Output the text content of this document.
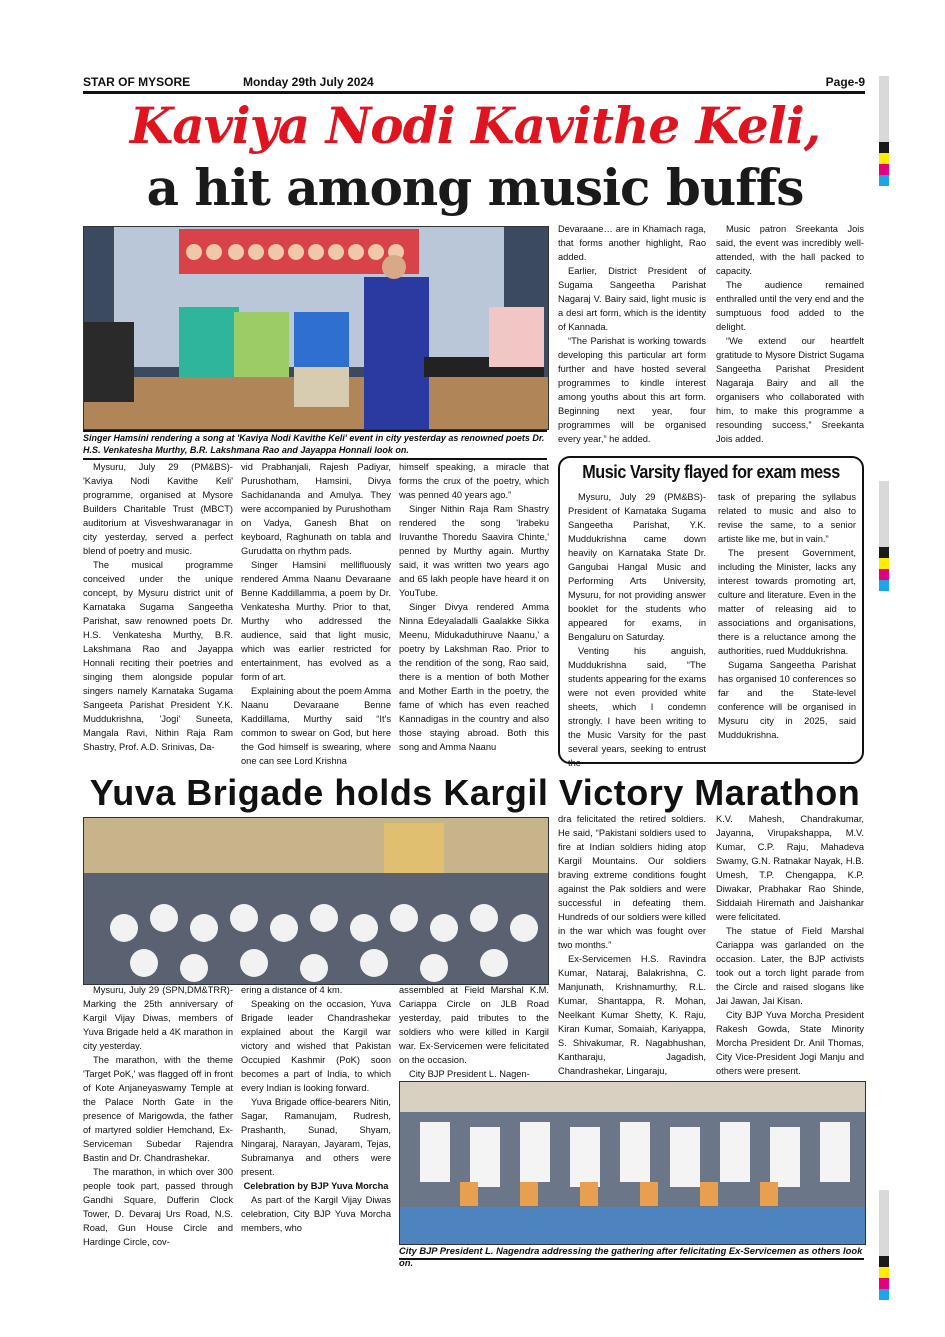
STAR OF MYSORE	Monday 29th July 2024	Page-9
Kaviya Nodi Kavithe Keli,
a hit among music buffs
Singer Hamsini rendering a song at 'Kaviya Nodi Kavithe Keli' event in city yesterday as renowned poets Dr. H.S. Venkatesha Murthy, B.R. Lakshmana Rao and Jayappa Honnali look on.

Mysuru, July 29 (PM&BS)- 'Kaviya Nodi Kavithe Keli' programme, organised at Mysore Builders Charitable Trust (MBCT) auditorium at Visveshwaranagar in city yesterday, served a perfect blend of poetry and music.

The musical programme conceived under the unique concept, by Mysuru district unit of Karnataka Sugama Sangeetha Parishat, saw renowned poets Dr. H.S. Venkatesha Murthy, B.R. Lakshmana Rao and Jayappa Honnali reciting their poetries and singing them alongside popular singers namely Karnataka Sugama Sangeeta Parishat President Y.K. Muddukrishna, 'Jogi' Suneeta, Mangala Ravi, Nithin Raja Ram Shastry, Prof. A.D. Srinivas, Da-

vid Prabhanjali, Rajesh Padiyar, Purushotham, Hamsini, Divya Sachidananda and Amulya. They were accompanied by Purushotham on Vadya, Ganesh Bhat on keyboard, Raghunath on tabla and Gurudatta on rhythm pads.

Singer Hamsini mellifluously rendered Amma Naanu Devaraane Benne Kaddillamma, a poem by Dr. Venkatesha Murthy. Prior to that, Murthy who addressed the audience, said that light music, which was earlier restricted for entertainment, has evolved as a form of art.

Explaining about the poem Amma Naanu Devaraane Benne Kaddillama, Murthy said “It's common to swear on God, but here the God himself is swearing, where one can see Lord Krishna

himself speaking, a miracle that forms the crux of the poetry, which was penned 40 years ago.”

Singer Nithin Raja Ram Shastry rendered the song 'Irabeku Iruvanthe Thoredu Saavira Chinte,' penned by Murthy again. Murthy said, it was written two years ago and 65 lakh people have heard it on YouTube.

Singer Divya rendered Amma Ninna Edeyaladalli Gaalakke Sikka Meenu, Midukaduthiruve Naanu,' a poetry by Lakshman Rao. Prior to the rendition of the song, Rao said, there is a mention of both Mother and Mother Earth in the poetry, the fame of which has even reached Kannadigas in the country and also those staying abroad. Both this song and Amma Naanu

Devaraane… are in Khamach raga, that forms another highlight, Rao added.

Earlier, District President of Sugama Sangeetha Parishat Nagaraj V. Bairy said, light music is a desi art form, which is the identity of Kannada.

“The Parishat is working towards developing this particular art form further and have hosted several programmes to kindle interest among youths about this art form. Beginning next year, four programmes will be organised every year,” he added.

Music patron Sreekanta Jois said, the event was incredibly well-attended, with the hall packed to capacity.

The audience remained enthralled until the very end and the sumptuous food added to the delight.

“We extend our heartfelt gratitude to Mysore District Sugama Sangeetha Parishat President Nagaraja Bairy and all the organisers who collaborated with him, to make this programme a resounding success,” Sreekanta Jois added.

Music Varsity flayed for exam mess

Mysuru, July 29 (PM&BS)- President of Karnataka Sugama Sangeetha Parishat, Y.K. Muddukrishna came down heavily on Karnataka State Dr. Gangubai Hangal Music and Performing Arts University, Mysuru, for not providing answer booklet for the students who appeared for exams, in Bengaluru on Saturday.

Venting his anguish, Muddukrishna said, “The students appearing for the exams were not even provided white sheets, which I condemn strongly. I have been writing to the Music Varsity for the past several years, seeking to entrust the

task of preparing the syllabus related to music and also to revise the same, to a senior artiste like me, but in vain.”

The present Government, including the Minister, lacks any interest towards promoting art, culture and literature. Even in the matter of releasing aid to associations and organisations, there is a reluctance among the authorities, rued Muddukrishna.

Sugama Sangeetha Parishat has organised 10 conferences so far and the State-level conference will be organised in Mysuru city in 2025, said Muddukrishna.

Yuva Brigade holds Kargil Victory Marathon

Mysuru, July 29 (SPN,DM&TRR)- Marking the 25th anniversary of Kargil Vijay Diwas, members of Yuva Brigade held a 4K marathon in city yesterday.

The marathon, with the theme 'Target PoK,' was flagged off in front of Kote Anjaneyaswamy Temple at the Palace North Gate in the presence of Marigowda, the father of martyred soldier Hemchand, Ex-Serviceman Subedar Rajendra Bastin and Dr. Chandrashekar.

The marathon, in which over 300 people took part, passed through Gandhi Square, Dufferin Clock Tower, D. Devaraj Urs Road, N.S. Road, Gun House Circle and Hardinge Circle, cov-

ering a distance of 4 km.

Speaking on the occasion, Yuva Brigade leader Chandrashekar explained about the Kargil war victory and wished that Pakistan Occupied Kashmir (PoK) soon becomes a part of India, to which every Indian is looking forward.

Yuva Brigade office-bearers Nitin, Sagar, Ramanujam, Rudresh, Prashanth, Sunad, Shyam, Ningaraj, Narayan, Jayaram, Tejas, Subramanya and others were present.

Celebration by BJP Yuva Morcha

As part of the Kargil Vijay Diwas celebration, City BJP Yuva Morcha members, who

assembled at Field Marshal K.M. Cariappa Circle on JLB Road yesterday, paid tributes to the soldiers who were killed in Kargil war. Ex-Servicemen were felicitated on the occasion.

City BJP President L. Nagen-

dra felicitated the retired soldiers. He said, “Pakistani soldiers used to fire at Indian soldiers hiding atop Kargil Mountains. Our soldiers braving extreme conditions fought against the Pak soldiers and were successful in defeating them. Hundreds of our soldiers were killed in the war which was fought over two months.”

Ex-Servicemen H.S. Ravindra Kumar, Nataraj, Balakrishna, C. Manjunath, Krishnamurthy, R.L. Kumar, Shantappa, R. Mohan, Neelkant Kumar Shetty, K. Raju, Kiran Kumar, Somaiah, Kariyappa, S. Shivakumar, R. Nagabhushan, Kantharaju, Jagadish, Chandrashekar, Lingaraju,

K.V. Mahesh, Chandrakumar, Jayanna, Virupakshappa, M.V. Kumar, C.P. Raju, Mahadeva Swamy, G.N. Ratnakar Nayak, H.B. Umesh, T.P. Chengappa, K.P. Diwakar, Prabhakar Rao Shinde, Siddaiah Hiremath and Jaishankar were felicitated.

The statue of Field Marshal Cariappa was garlanded on the occasion. Later, the BJP activists took out a torch light parade from the Circle and raised slogans like Jai Jawan, Jai Kisan.

City BJP Yuva Morcha President Rakesh Gowda, State Minority Morcha President Dr. Anil Thomas, City Vice-President Jogi Manju and others were present.

City BJP President L. Nagendra addressing the gathering after felicitating Ex-Servicemen as others look on.
